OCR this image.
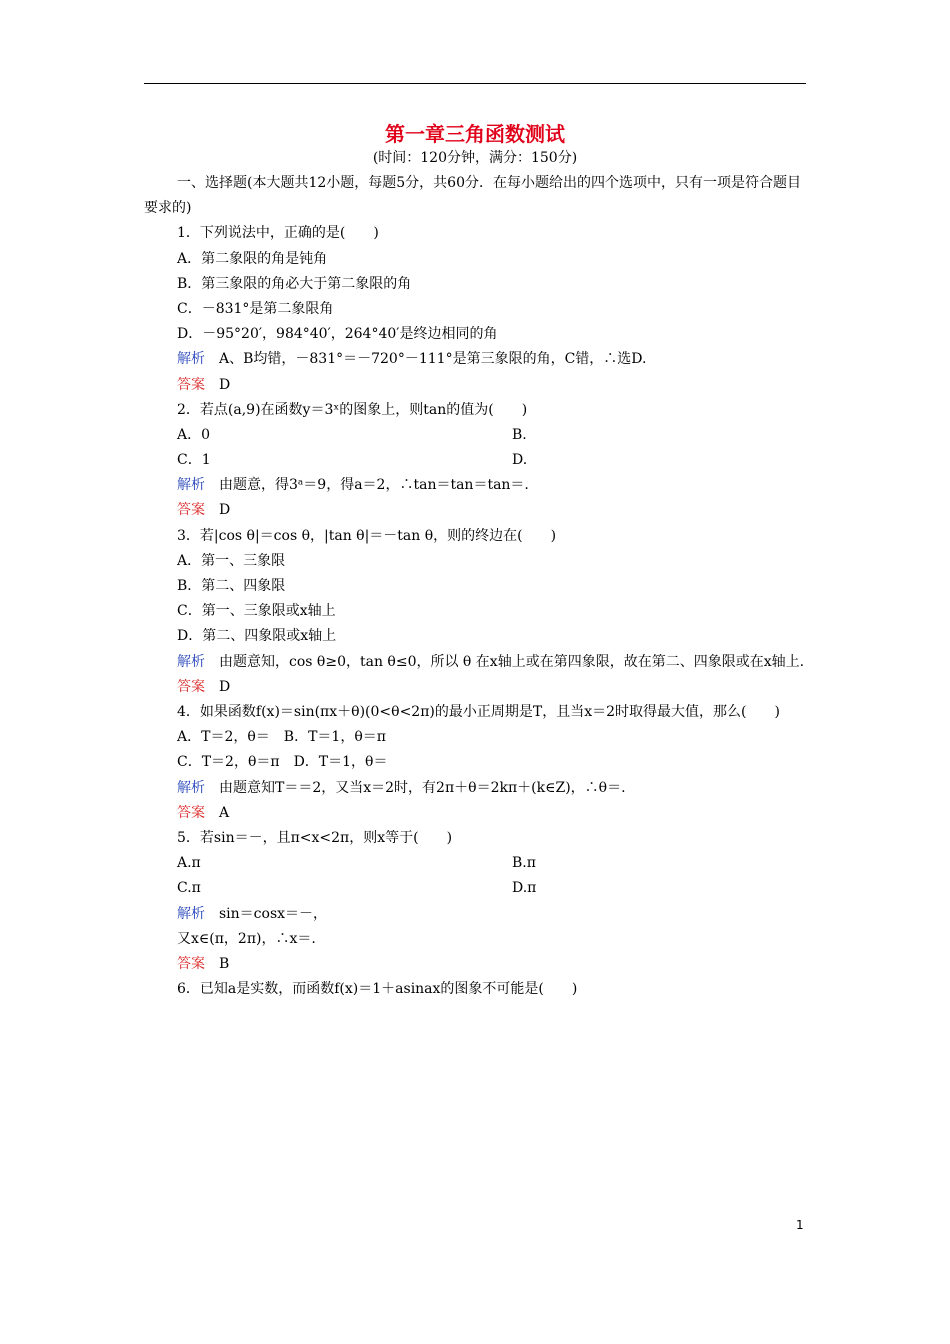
第一章三角函数测试
(时间：120分钟，满分：150分)
一、选择题(本大题共12小题，每题5分，共60分．在每小题给出的四个选项中，只有一项是符合题目要求的)
1．下列说法中，正确的是(　　)
A．第二象限的角是钝角
B．第三象限的角必大于第二象限的角
C．－831°是第二象限角
D．－95°20′，984°40′，264°40′是终边相同的角
解析　 A、B均错，－831°＝－720°－111°是第三象限的角，C错，∴选D.
答案　 D
2．若点(a,9)在函数y＝3ˣ的图象上，则tan的值为(　　)
A．0	B.
C．1	D.
解析　 由题意，得3ᵃ＝9，得a＝2，∴tan＝tan＝tan＝.
答案　 D
3．若|cos θ|＝cos θ，|tan θ|＝－tan θ，则的终边在(　　)
A．第一、三象限
B．第二、四象限
C．第一、三象限或x轴上
D．第二、四象限或x轴上
解析　 由题意知，cos θ≥0，tan θ≤0，所以 θ 在x轴上或在第四象限，故在第二、四象限或在x轴上.
答案　 D
4．如果函数f(x)＝sin(πx＋θ)(0<θ<2π)的最小正周期是T，且当x＝2时取得最大值，那么(　　)
A．T＝2，θ＝　B．T＝1，θ＝π
C．T＝2，θ＝π　D．T＝1，θ＝
解析　 由题意知T＝＝2，又当x＝2时，有2π＋θ＝2kπ＋(k∈Z)，∴θ＝.
答案　 A
5．若sin＝－，且π<x<2π，则x等于(　　)
A.π	B.π
C.π	D.π
解析　 sin＝cosx＝－，
又x∈(π，2π)，∴x＝.
答案　 B
6．已知a是实数，而函数f(x)＝1＋asinax的图象不可能是(　　)
1
